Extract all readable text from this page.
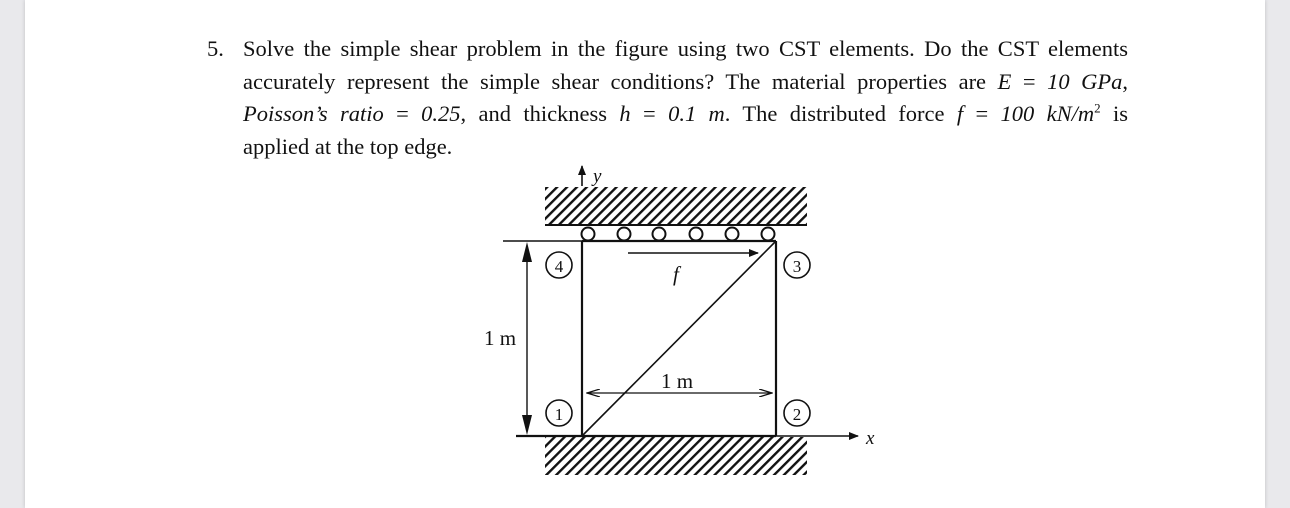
5. Solve the simple shear problem in the figure using two CST elements. Do the CST elements
accurately represent the simple shear conditions? The material properties are E = 10 GPa,
Poisson’s ratio = 0.25, and thickness h = 0.1 m. The distributed force f = 100 $kN/m^2$ is
applied at the top edge.
x
y
f
1 m
1 m
4	3
1	2
